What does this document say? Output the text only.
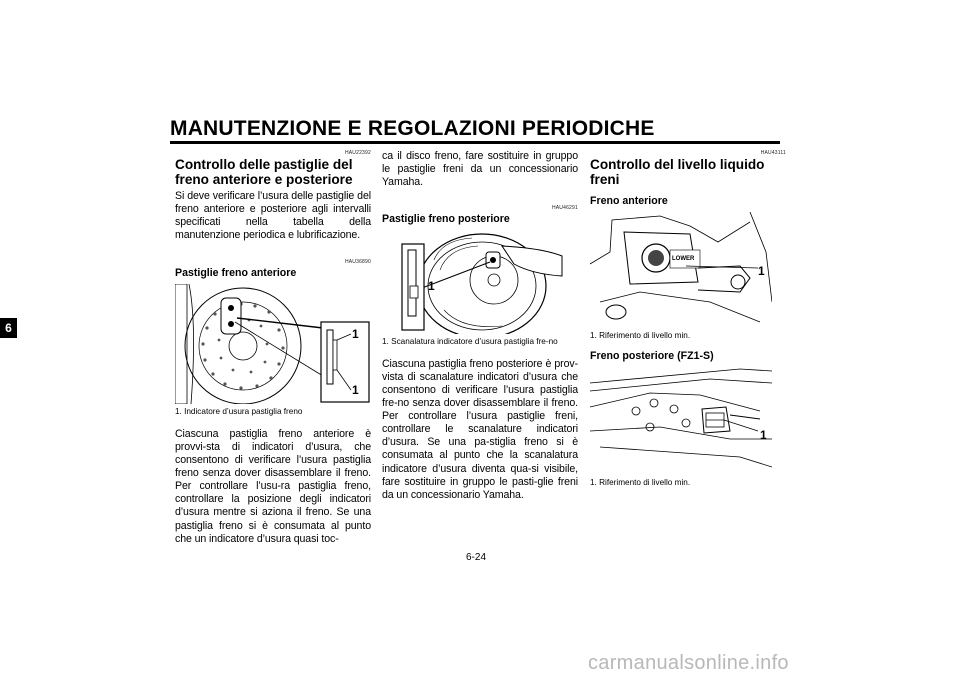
MANUTENZIONE E REGOLAZIONI PERIODICHE
6
HAU22392
Controllo delle pastiglie del freno anteriore e posteriore
Si deve verificare l’usura delle pastiglie del freno anteriore e posteriore agli intervalli specificati nella tabella della manutenzione periodica e lubrificazione.
HAU36890
Pastiglie freno anteriore
1
1
1. Indicatore d’usura pastiglia freno
Ciascuna pastiglia freno anteriore è provvi-sta di indicatori d’usura, che consentono di verificare l’usura pastiglia freno senza dover disassemblare il freno. Per controllare l’usu-ra pastiglia freno, controllare la posizione degli indicatori d’usura mentre si aziona il freno. Se una pastiglia freno si è consumata al punto che un indicatore d’usura quasi toc-
ca il disco freno, fare sostituire in gruppo le pastiglie freni da un concessionario Yamaha.
HAU46291
Pastiglie freno posteriore
1
1. Scanalatura indicatore d’usura pastiglia fre-no
Ciascuna pastiglia freno posteriore è prov-vista di scanalature indicatori d’usura che consentono di verificare l’usura pastiglia fre-no senza dover disassemblare il freno. Per controllare l’usura pastiglie freni, controllare le scanalature indicatori d’usura. Se una pa-stiglia freno si è consumata al punto che la scanalatura indicatore d’usura diventa qua-si visibile, fare sostituire in gruppo le pasti-glie freni da un concessionario Yamaha.
HAU43111
Controllo del livello liquido freni
Freno anteriore
LOWER
1
1. Riferimento di livello min.
Freno posteriore (FZ1-S)
1
1. Riferimento di livello min.
6-24
carmanualsonline.info
